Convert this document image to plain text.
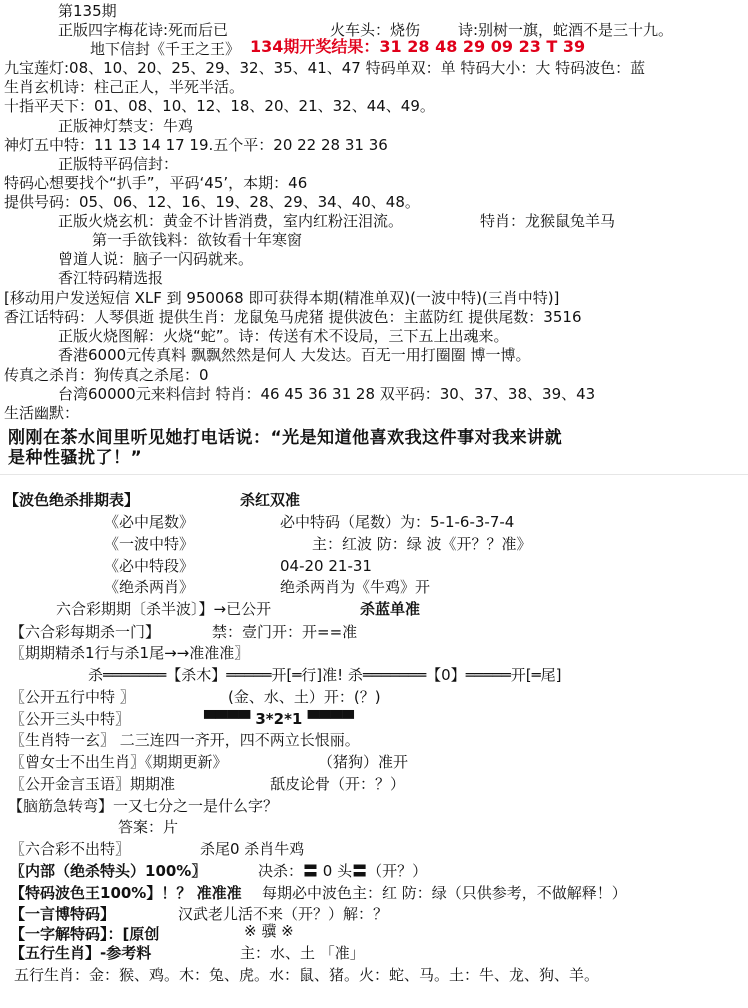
第135期
正版四字梅花诗:死而后已	火车头：烧伤	诗:别树一旗，蛇酒不是三十九。
地下信封《千王之王》
九宝莲灯:08、10、20、25、29、32、35、41、47 特码单双：单 特码大小：大 特码波色：蓝
生肖玄机诗：柱己正人，半死半活。
十指平天下：01、08、10、12、18、20、21、32、44、49。
正版神灯禁支：牛鸡
神灯五中特：11 13 14 17 19.五个平：20 22 28 31 36
正版特平码信封：
特码心想要找个“扒手”，平码‘45’，本期：46
提供号码：05、06、12、16、19、28、29、34、40、48。
正版火烧玄机：黄金不计皆消费，室内红粉汪泪流。	特肖：龙猴鼠兔羊马
第一手欲钱料：欲钕看十年寒窗
曾道人说：脑子一闪码就来。
香江特码精选报
[移动用户发送短信 XLF 到 950068 即可获得本期(精准单双)(一波中特)(三肖中特)]
香江话特码：人琴俱逝 提供生肖：龙鼠兔马虎猪 提供波色：主蓝防红 提供尾数：3516
正版火烧图解：火烧“蛇”。诗：传送有术不设局，三下五上出魂来。
香港6000元传真料 飘飘然然是何人 大发达。百无一用打圈圈 博一博。
传真之杀肖：狗传真之杀尾：0
台湾60000元来料信封 特肖：46 45 36 31 28 双平码：30、37、38、39、43
生活幽默：
134期开奖结果：31 28 48 29 09 23 T 39
刚刚在茶水间里听见她打电话说：“光是知道他喜欢我这件事对我来讲就
是种性骚扰了！”
【波色绝杀排期表】	杀红双准
《必中尾数》	必中特码（尾数）为：5-1-6-3-7-4
《一波中特》	主：红波 防：绿 波《开？？准》
《必中特段》	04-20 21-31
《绝杀两肖》	绝杀两肖为《牛鸡》开
六合彩期期〔杀半波〕】→已公开	杀蓝单准
【六合彩每期杀一门】	禁：壹门开：开==准
〖期期精杀1行与杀1尾→→准准准〗
杀═══════【杀木】═════开[═行]准! 杀═══════【0】═════开[═尾]
〖公开五行中特 〗	(金、水、土）开：(？)
〖公开三头中特〗	▀▀▀▀ 3*2*1 ▀▀▀▀
〖生肖特一玄〗 二三连四一齐开，四不两立长恨丽。
〖曾女士不出生肖〗《期期更新》	（猪狗）准开
〖公开金言玉语〗期期准	舐皮论骨（开：？）
【脑筋急转弯】一又七分之一是什么字？
答案：片
〖六合彩不出特〗	杀尾0 杀肖牛鸡
〖内部（绝杀特头）100%〗	决杀：〓 0 头〓（开？）
【特码波色王100%】！？ 准准准 每期必中波色主：红 防：绿（只供参考，不做解释！）
【一言博特码】	汉武老儿活不来（开？）解：？
【一字解特码】：[原创	※ 骥 ※
【五行生肖】-参考料	主：水、土 「准」
五行生肖：金：猴、鸡。木：兔、虎。水：鼠、猪。火：蛇、马。土：牛、龙、狗、羊。
